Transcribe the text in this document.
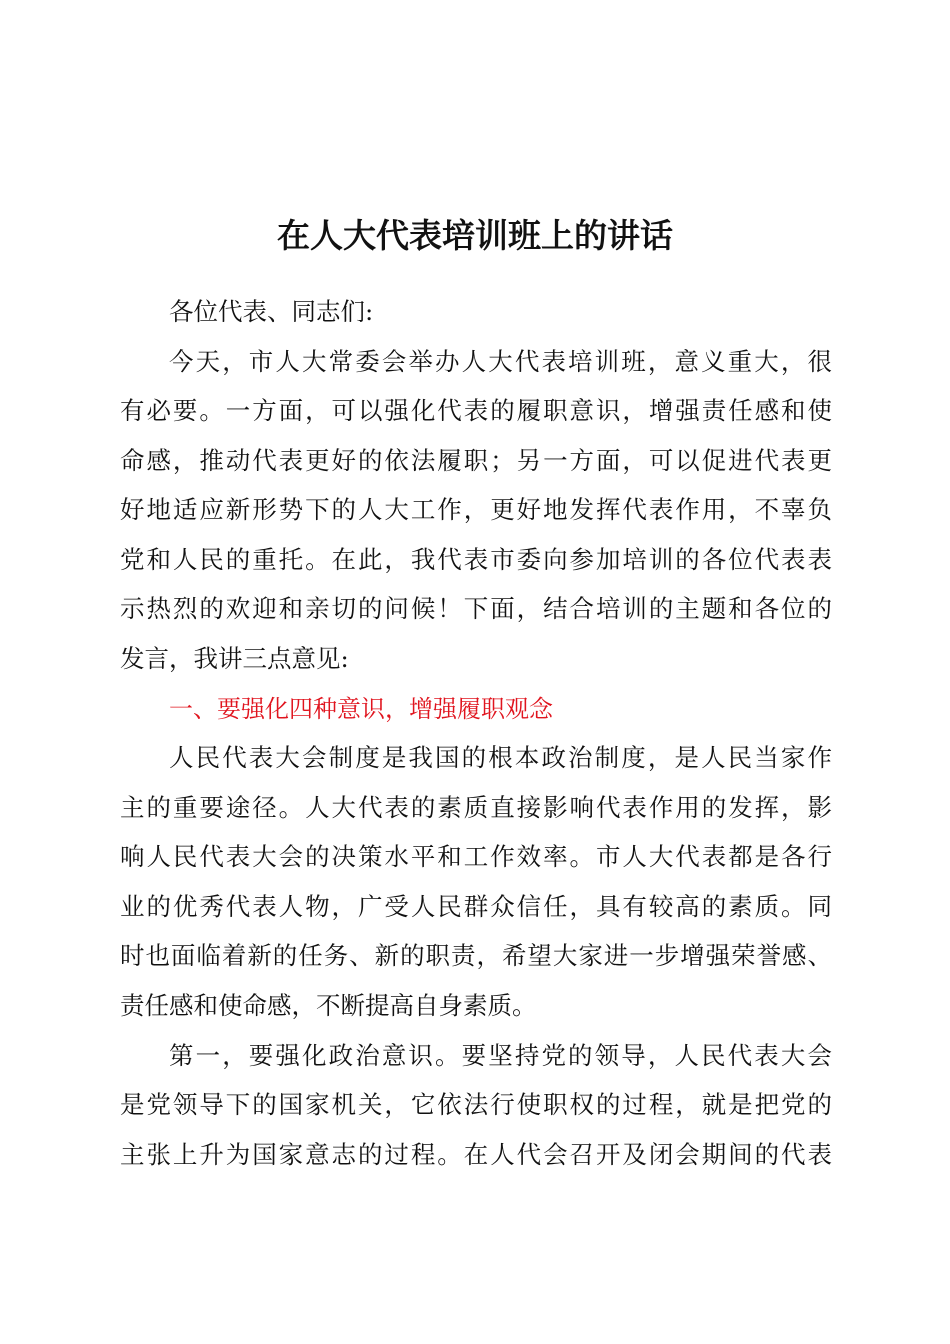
在人大代表培训班上的讲话
各位代表、同志们:
今天，市人大常委会举办人大代表培训班，意义重大，很
有必要。一方面，可以强化代表的履职意识，增强责任感和使
命感，推动代表更好的依法履职；另一方面，可以促进代表更
好地适应新形势下的人大工作，更好地发挥代表作用，不辜负
党和人民的重托。在此，我代表市委向参加培训的各位代表表
示热烈的欢迎和亲切的问候！下面，结合培训的主题和各位的
发言，我讲三点意见:
一、要强化四种意识，增强履职观念
人民代表大会制度是我国的根本政治制度，是人民当家作
主的重要途径。人大代表的素质直接影响代表作用的发挥，影
响人民代表大会的决策水平和工作效率。市人大代表都是各行
业的优秀代表人物，广受人民群众信任，具有较高的素质。同
时也面临着新的任务、新的职责，希望大家进一步增强荣誉感、
责任感和使命感，不断提高自身素质。
第一，要强化政治意识。要坚持党的领导，人民代表大会
是党领导下的国家机关，它依法行使职权的过程，就是把党的
主张上升为国家意志的过程。在人代会召开及闭会期间的代表
